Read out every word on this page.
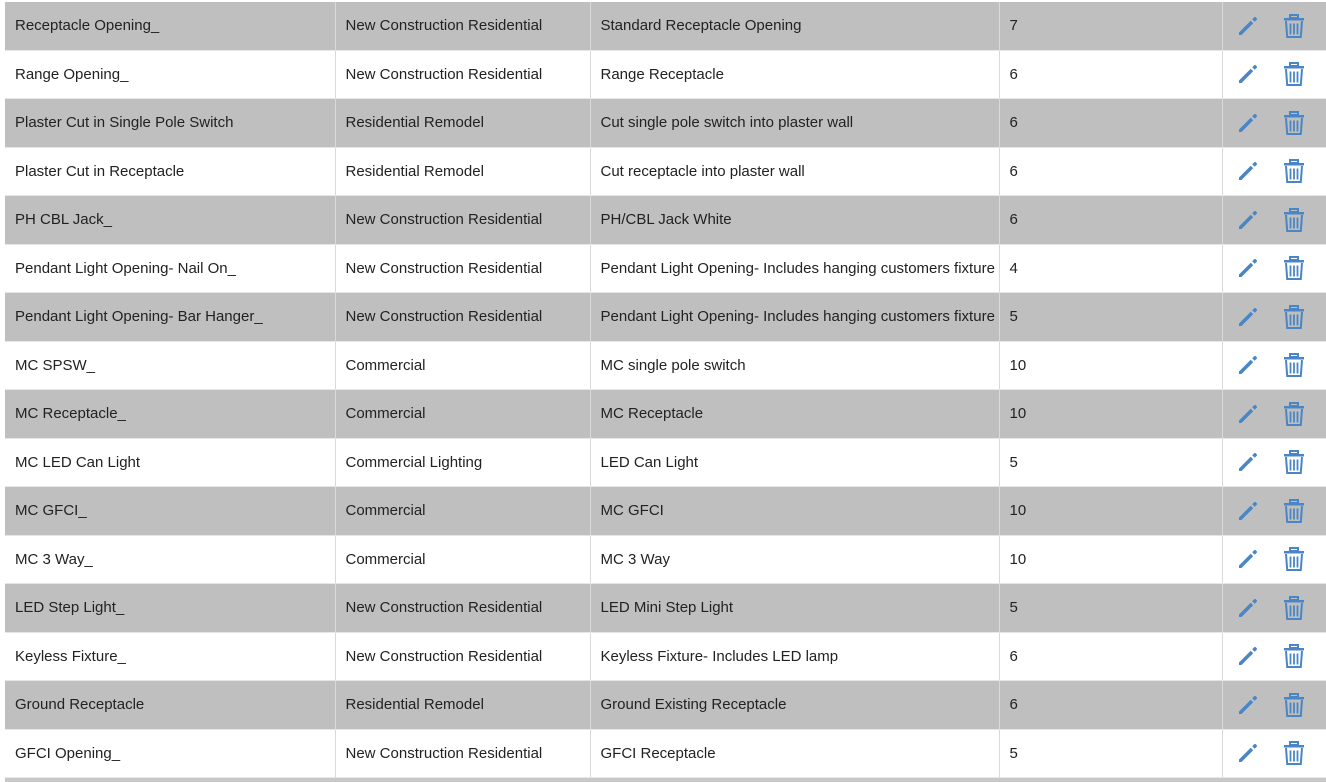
Receptacle Opening_	New Construction Residential	Standard Receptacle Opening	7	

Range Opening_	New Construction Residential	Range Receptacle	6	

Plaster Cut in Single Pole Switch	Residential Remodel	Cut single pole switch into plaster wall	6	

Plaster Cut in Receptacle	Residential Remodel	Cut receptacle into plaster wall	6	

PH CBL Jack_	New Construction Residential	PH/CBL Jack White	6	

Pendant Light Opening- Nail On_	New Construction Residential	Pendant Light Opening- Includes hanging customers fixture	4	

Pendant Light Opening- Bar Hanger_	New Construction Residential	Pendant Light Opening- Includes hanging customers fixture	5	

MC SPSW_	Commercial	MC single pole switch	10	

MC Receptacle_	Commercial	MC Receptacle	10	

MC LED Can Light	Commercial Lighting	LED Can Light	5	

MC GFCI_	Commercial	MC GFCI	10	

MC 3 Way_	Commercial	MC 3 Way	10	

LED Step Light_	New Construction Residential	LED Mini Step Light	5	

Keyless Fixture_	New Construction Residential	Keyless Fixture- Includes LED lamp	6	

Ground Receptacle	Residential Remodel	Ground Existing Receptacle	6	

GFCI Opening_	New Construction Residential	GFCI Receptacle	5	
